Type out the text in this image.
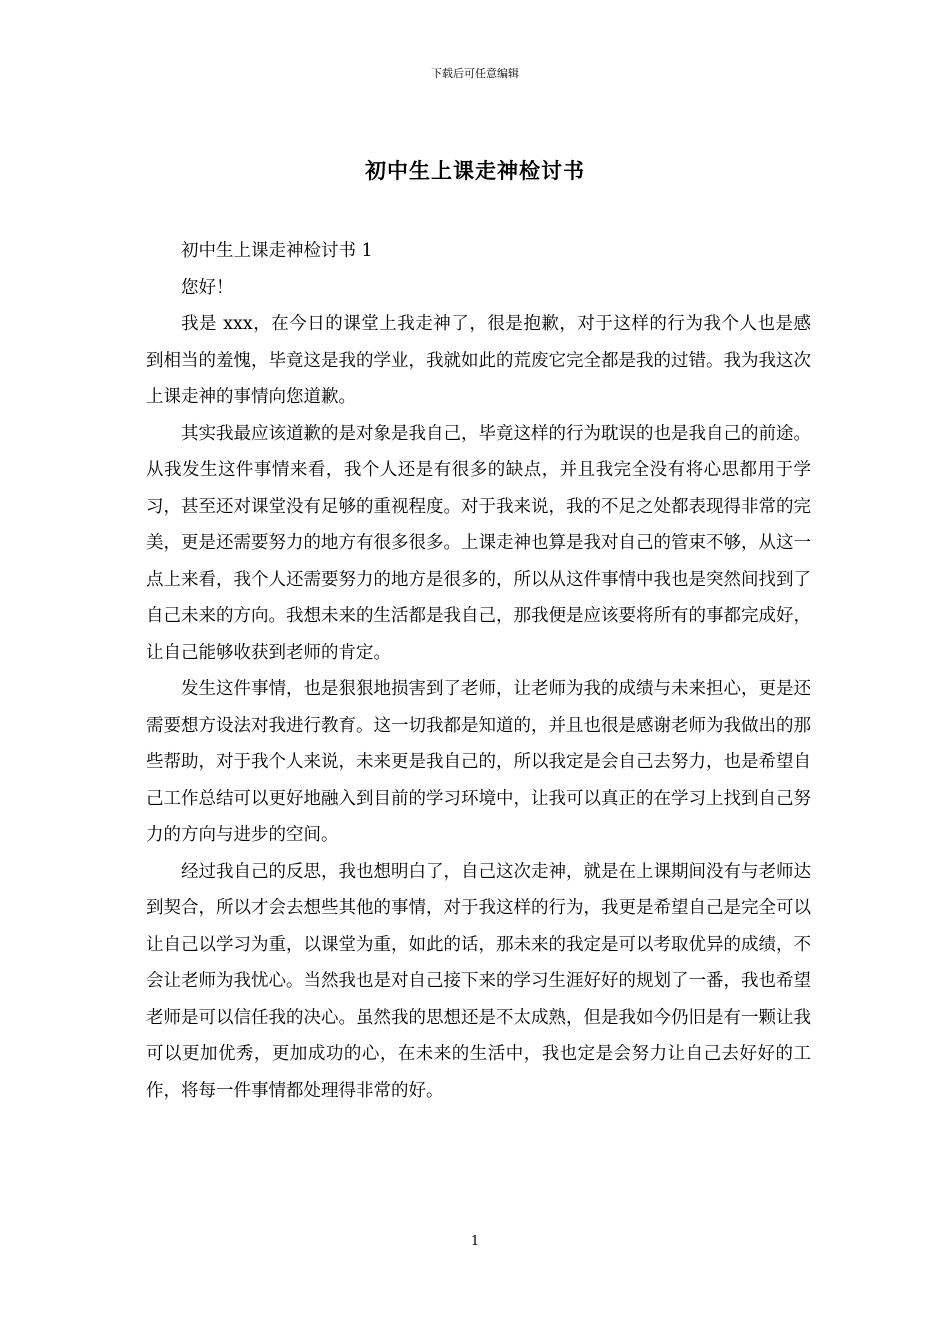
下载后可任意编辑
初中生上课走神检讨书

初中生上课走神检讨书 1

您好！

我是 xxx，在今日的课堂上我走神了，很是抱歉，对于这样的行为我个人也是感到相当的羞愧，毕竟这是我的学业，我就如此的荒废它完全都是我的过错。我为我这次上课走神的事情向您道歉。

其实我最应该道歉的是对象是我自己，毕竟这样的行为耽误的也是我自己的前途。从我发生这件事情来看，我个人还是有很多的缺点，并且我完全没有将心思都用于学习，甚至还对课堂没有足够的重视程度。对于我来说，我的不足之处都表现得非常的完美，更是还需要努力的地方有很多很多。上课走神也算是我对自己的管束不够，从这一点上来看，我个人还需要努力的地方是很多的，所以从这件事情中我也是突然间找到了自己未来的方向。我想未来的生活都是我自己，那我便是应该要将所有的事都完成好，让自己能够收获到老师的肯定。

发生这件事情，也是狠狠地损害到了老师，让老师为我的成绩与未来担心，更是还需要想方设法对我进行教育。这一切我都是知道的，并且也很是感谢老师为我做出的那些帮助，对于我个人来说，未来更是我自己的，所以我定是会自己去努力，也是希望自己工作总结可以更好地融入到目前的学习环境中，让我可以真正的在学习上找到自己努力的方向与进步的空间。

经过我自己的反思，我也想明白了，自己这次走神，就是在上课期间没有与老师达到契合，所以才会去想些其他的事情，对于我这样的行为，我更是希望自己是完全可以让自己以学习为重，以课堂为重，如此的话，那未来的我定是可以考取优异的成绩，不会让老师为我忧心。当然我也是对自己接下来的学习生涯好好的规划了一番，我也希望老师是可以信任我的决心。虽然我的思想还是不太成熟，但是我如今仍旧是有一颗让我可以更加优秀，更加成功的心，在未来的生活中，我也定是会努力让自己去好好的工作，将每一件事情都处理得非常的好。

1
